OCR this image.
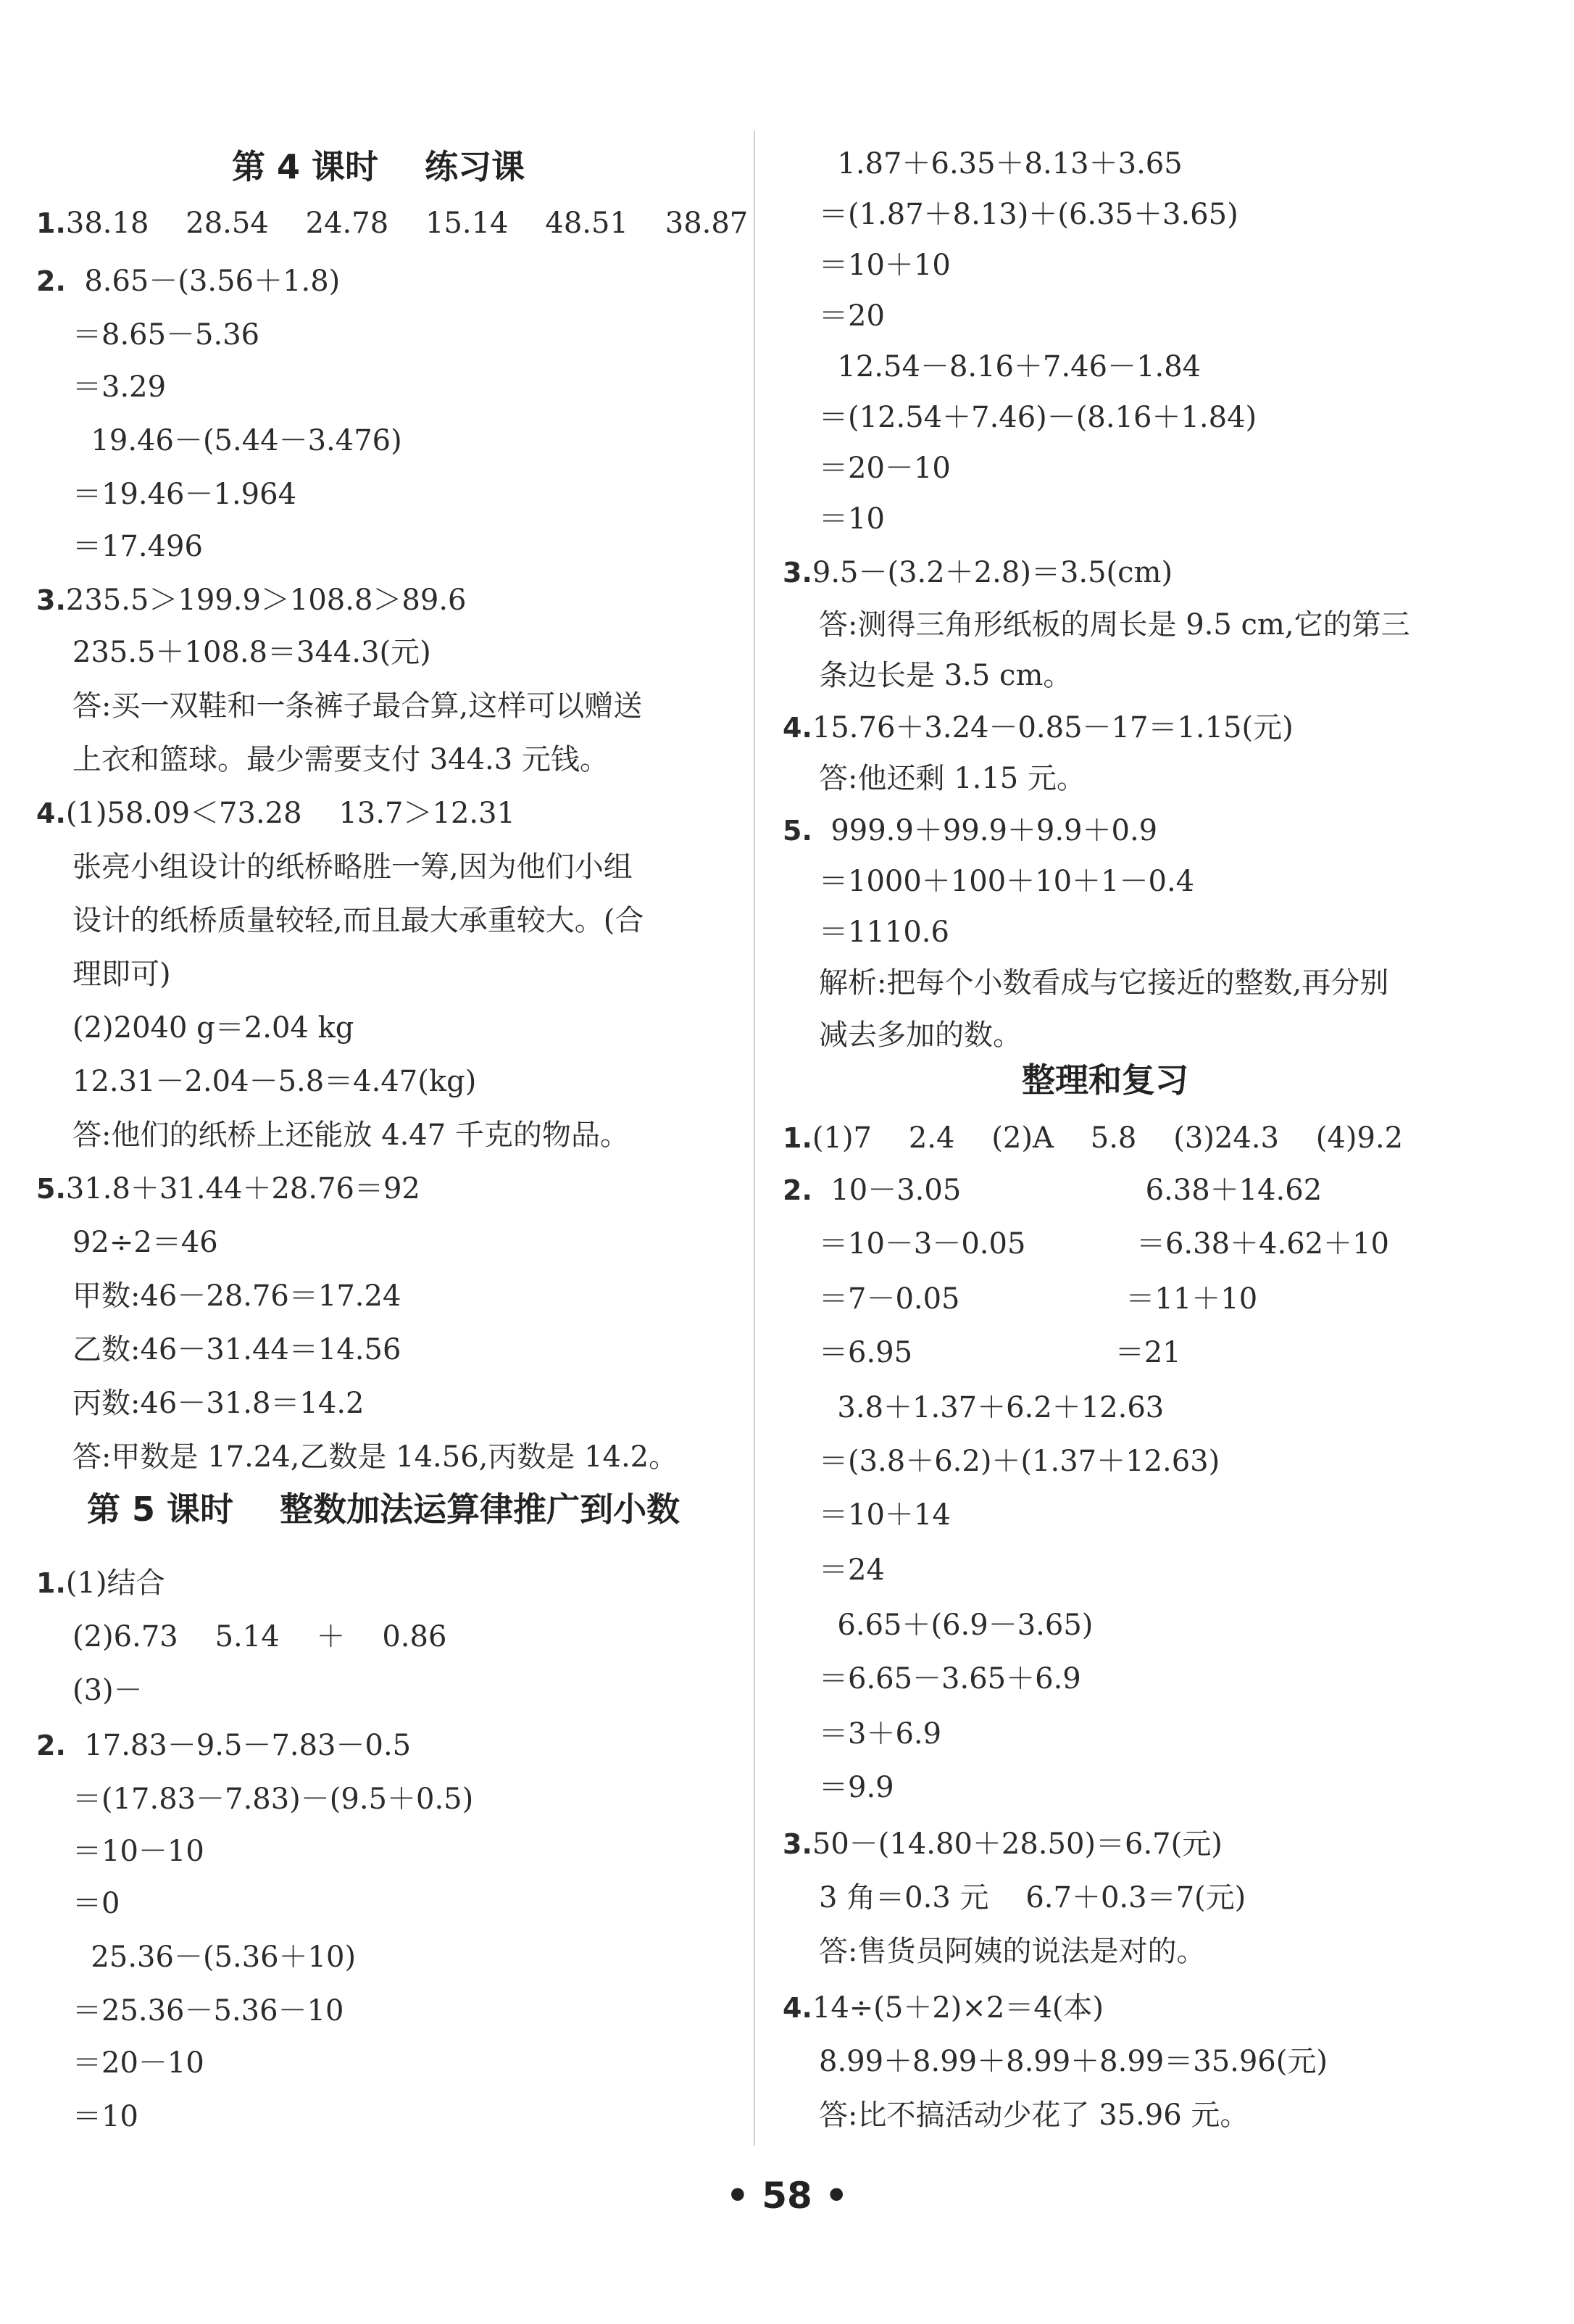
第 4 课时    练习课
1.38.18    28.54    24.78    15.14    48.51    38.87
2.  8.65－(3.56＋1.8)
＝8.65－5.36
＝3.29
19.46－(5.44－3.476)
＝19.46－1.964
＝17.496
3.235.5＞199.9＞108.8＞89.6
235.5＋108.8＝344.3(元)
答:买一双鞋和一条裤子最合算,这样可以赠送
上衣和篮球。最少需要支付 344.3 元钱。
4.(1)58.09＜73.28    13.7＞12.31
张亮小组设计的纸桥略胜一筹,因为他们小组
设计的纸桥质量较轻,而且最大承重较大。(合
理即可)
(2)2040 g＝2.04 kg
12.31－2.04－5.8＝4.47(kg)
答:他们的纸桥上还能放 4.47 千克的物品。
5.31.8＋31.44＋28.76＝92
92÷2＝46
甲数:46－28.76＝17.24
乙数:46－31.44＝14.56
丙数:46－31.8＝14.2
答:甲数是 17.24,乙数是 14.56,丙数是 14.2。
第 5 课时    整数加法运算律推广到小数
1.(1)结合
(2)6.73    5.14    ＋    0.86
(3)－
2.  17.83－9.5－7.83－0.5
＝(17.83－7.83)－(9.5＋0.5)
＝10－10
＝0
25.36－(5.36＋10)
＝25.36－5.36－10
＝20－10
＝10
1.87＋6.35＋8.13＋3.65
＝(1.87＋8.13)＋(6.35＋3.65)
＝10＋10
＝20
12.54－8.16＋7.46－1.84
＝(12.54＋7.46)－(8.16＋1.84)
＝20－10
＝10
3.9.5－(3.2＋2.8)＝3.5(cm)
答:测得三角形纸板的周长是 9.5 cm,它的第三
条边长是 3.5 cm。
4.15.76＋3.24－0.85－17＝1.15(元)
答:他还剩 1.15 元。
5.  999.9＋99.9＋9.9＋0.9
＝1000＋100＋10＋1－0.4
＝1110.6
解析:把每个小数看成与它接近的整数,再分别
减去多加的数。
整理和复习
1.(1)7    2.4    (2)A    5.8    (3)24.3    (4)9.2
2.  10－3.05                    6.38＋14.62
＝10－3－0.05            ＝6.38＋4.62＋10
＝7－0.05                  ＝11＋10
＝6.95                      ＝21
3.8＋1.37＋6.2＋12.63
＝(3.8＋6.2)＋(1.37＋12.63)
＝10＋14
＝24
6.65＋(6.9－3.65)
＝6.65－3.65＋6.9
＝3＋6.9
＝9.9
3.50－(14.80＋28.50)＝6.7(元)
3 角＝0.3 元    6.7＋0.3＝7(元)
答:售货员阿姨的说法是对的。
4.14÷(5＋2)×2＝4(本)
8.99＋8.99＋8.99＋8.99＝35.96(元)
答:比不搞活动少花了 35.96 元。
• 58 •
